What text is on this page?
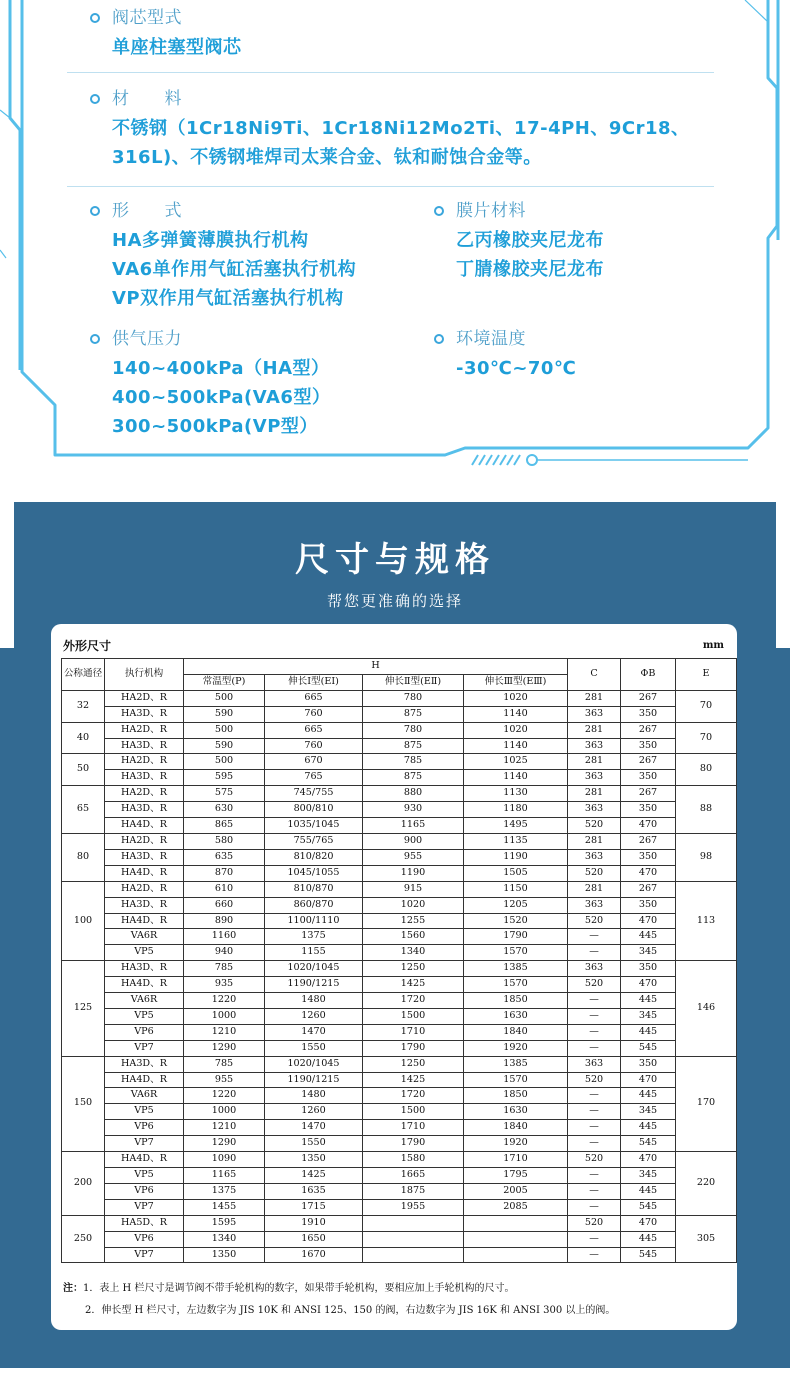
阀芯型式
单座柱塞型阀芯
材　　料
不锈钢（1Cr18Ni9Ti、1Cr18Ni12Mo2Ti、17-4PH、9Cr18、
316L)、不锈钢堆焊司太莱合金、钛和耐蚀合金等。
形　　式
HA多弹簧薄膜执行机构
VA6单作用气缸活塞执行机构
VP双作用气缸活塞执行机构
膜片材料
乙丙橡胶夹尼龙布
丁腈橡胶夹尼龙布
供气压力
140~400kPa（HA型）
400~500kPa(VA6型）
300~500kPa(VP型）
环境温度
-30℃~70℃
尺寸与规格
帮您更准确的选择
外形尺寸	mm
公称通径	执行机构	H				C	ΦB	E
		常温型(P)	伸长Ⅰ型(EⅠ)	伸长Ⅱ型(EⅡ)	伸长Ⅲ型(EⅢ)			
32	HA2D、R	500	665	780	1020	281	267	70
	HA3D、R	590	760	875	1140	363	350	
40	HA2D、R	500	665	780	1020	281	267	70
	HA3D、R	590	760	875	1140	363	350	
50	HA2D、R	500	670	785	1025	281	267	80
	HA3D、R	595	765	875	1140	363	350	
65	HA2D、R	575	745/755	880	1130	281	267	88
	HA3D、R	630	800/810	930	1180	363	350	
	HA4D、R	865	1035/1045	1165	1495	520	470	
80	HA2D、R	580	755/765	900	1135	281	267	98
	HA3D、R	635	810/820	955	1190	363	350	
	HA4D、R	870	1045/1055	1190	1505	520	470	
100	HA2D、R	610	810/870	915	1150	281	267	113
	HA3D、R	660	860/870	1020	1205	363	350	
	HA4D、R	890	1100/1110	1255	1520	520	470	
	VA6R	1160	1375	1560	1790	—	445	
	VP5	940	1155	1340	1570	—	345	
125	HA3D、R	785	1020/1045	1250	1385	363	350	146
	HA4D、R	935	1190/1215	1425	1570	520	470	
	VA6R	1220	1480	1720	1850	—	445	
	VP5	1000	1260	1500	1630	—	345	
	VP6	1210	1470	1710	1840	—	445	
	VP7	1290	1550	1790	1920	—	545	
150	HA3D、R	785	1020/1045	1250	1385	363	350	170
	HA4D、R	955	1190/1215	1425	1570	520	470	
	VA6R	1220	1480	1720	1850	—	445	
	VP5	1000	1260	1500	1630	—	345	
	VP6	1210	1470	1710	1840	—	445	
	VP7	1290	1550	1790	1920	—	545	
200	HA4D、R	1090	1350	1580	1710	520	470	220
	VP5	1165	1425	1665	1795	—	345	
	VP6	1375	1635	1875	2005	—	445	
	VP7	1455	1715	1955	2085	—	545	
250	HA5D、R	1595	1910			520	470	305
	VP6	1340	1650			—	445	
	VP7	1350	1670			—	545	
注：1．表上 H 栏尺寸是调节阀不带手轮机构的数字，如果带手轮机构，要相应加上手轮机构的尺寸。
2．伸长型 H 栏尺寸，左边数字为 JIS 10K 和 ANSI 125、150 的阀，右边数字为 JIS 16K 和 ANSI 300 以上的阀。
